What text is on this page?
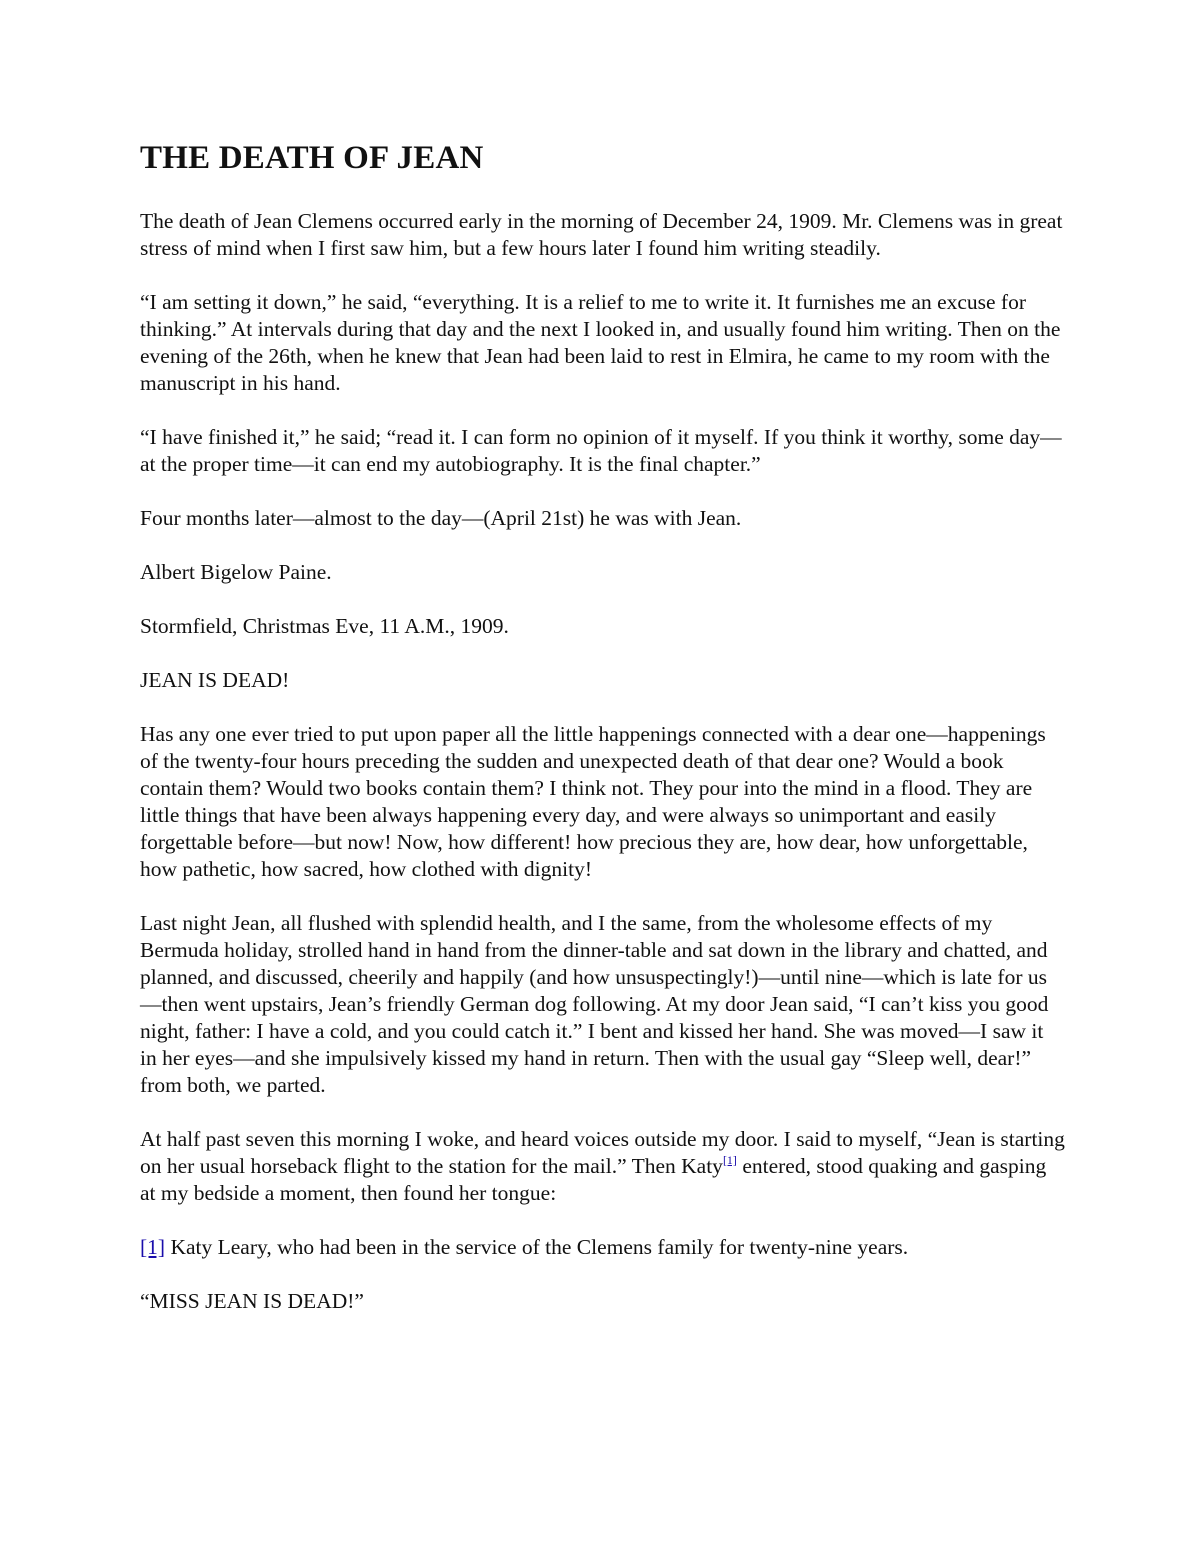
THE DEATH OF JEAN

The death of Jean Clemens occurred early in the morning of December 24, 1909. Mr. Clemens was in great stress of mind when I first saw him, but a few hours later I found him writing steadily.

“I am setting it down,” he said, “everything. It is a relief to me to write it. It furnishes me an excuse for thinking.” At intervals during that day and the next I looked in, and usually found him writing. Then on the evening of the 26th, when he knew that Jean had been laid to rest in Elmira, he came to my room with the manuscript in his hand.

“I have finished it,” he said; “read it. I can form no opinion of it myself. If you think it worthy, some day—at the proper time—it can end my autobiography. It is the final chapter.”

Four months later—almost to the day—(April 21st) he was with Jean.

Albert Bigelow Paine.

Stormfield, Christmas Eve, 11 A.M., 1909.

JEAN IS DEAD!

Has any one ever tried to put upon paper all the little happenings connected with a dear one—happenings of the twenty-four hours preceding the sudden and unexpected death of that dear one? Would a book contain them? Would two books contain them? I think not. They pour into the mind in a flood. They are little things that have been always happening every day, and were always so unimportant and easily forgettable before—but now! Now, how different! how precious they are, how dear, how unforgettable, how pathetic, how sacred, how clothed with dignity!

Last night Jean, all flushed with splendid health, and I the same, from the wholesome effects of my Bermuda holiday, strolled hand in hand from the dinner-table and sat down in the library and chatted, and planned, and discussed, cheerily and happily (and how unsuspectingly!)—until nine—which is late for us—then went upstairs, Jean’s friendly German dog following. At my door Jean said, “I can’t kiss you good night, father: I have a cold, and you could catch it.” I bent and kissed her hand. She was moved—I saw it in her eyes—and she impulsively kissed my hand in return. Then with the usual gay “Sleep well, dear!” from both, we parted.

At half past seven this morning I woke, and heard voices outside my door. I said to myself, “Jean is starting on her usual horseback flight to the station for the mail.” Then Katy[1] entered, stood quaking and gasping at my bedside a moment, then found her tongue:

[1] Katy Leary, who had been in the service of the Clemens family for twenty-nine years.

“MISS JEAN IS DEAD!”
